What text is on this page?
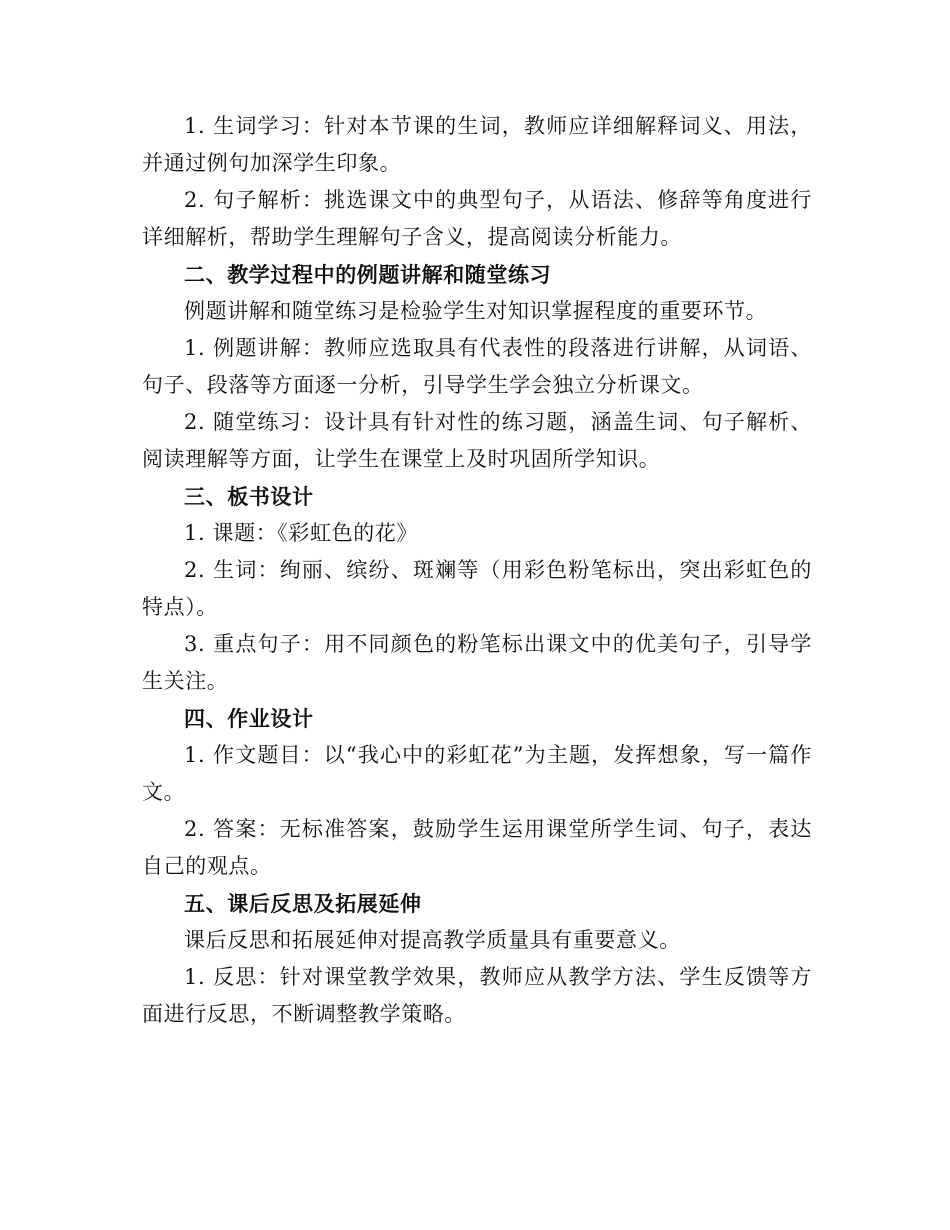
1. 生词学习：针对本节课的生词，教师应详细解释词义、用法，并通过例句加深学生印象。

2. 句子解析：挑选课文中的典型句子，从语法、修辞等角度进行详细解析，帮助学生理解句子含义，提高阅读分析能力。

二、教学过程中的例题讲解和随堂练习

例题讲解和随堂练习是检验学生对知识掌握程度的重要环节。

1. 例题讲解：教师应选取具有代表性的段落进行讲解，从词语、句子、段落等方面逐一分析，引导学生学会独立分析课文。

2. 随堂练习：设计具有针对性的练习题，涵盖生词、句子解析、阅读理解等方面，让学生在课堂上及时巩固所学知识。

三、板书设计

1. 课题：《彩虹色的花》

2. 生词：绚丽、缤纷、斑斓等（用彩色粉笔标出，突出彩虹色的特点）。

3. 重点句子：用不同颜色的粉笔标出课文中的优美句子，引导学生关注。

四、作业设计

1. 作文题目：以“我心中的彩虹花”为主题，发挥想象，写一篇作文。

2. 答案：无标准答案，鼓励学生运用课堂所学生词、句子，表达自己的观点。

五、课后反思及拓展延伸

课后反思和拓展延伸对提高教学质量具有重要意义。

1. 反思：针对课堂教学效果，教师应从教学方法、学生反馈等方面进行反思，不断调整教学策略。
